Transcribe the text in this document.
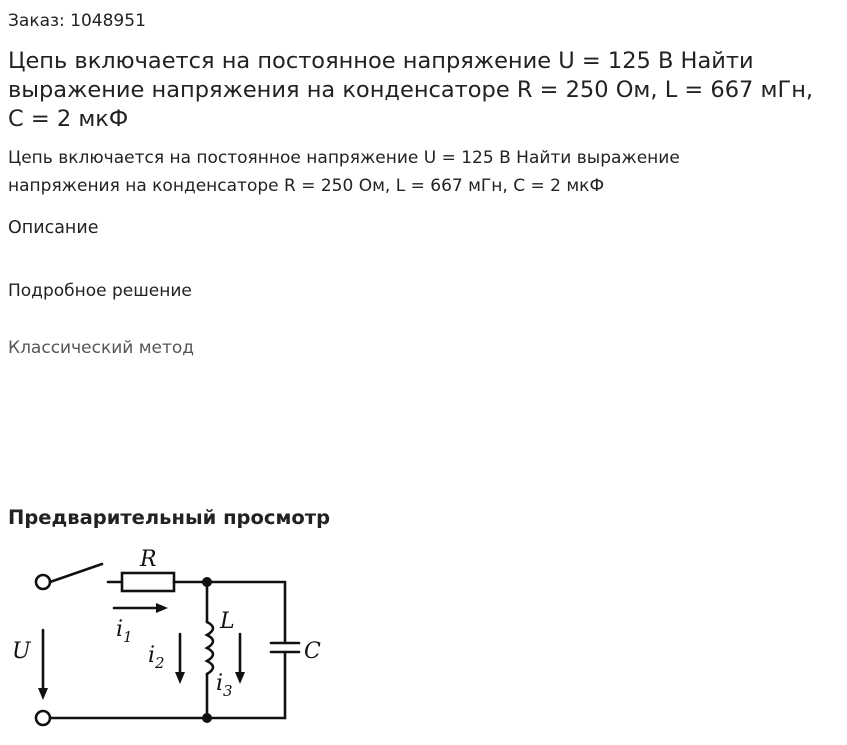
Заказ: 1048951
Цепь включается на постоянное напряжение U = 125 В Найти выражение напряжения на конденсаторе R = 250 Ом, L = 667 мГн, C = 2 мкФ
Цепь включается на постоянное напряжение U = 125 В Найти выражение
напряжения на конденсаторе R = 250 Ом, L = 667 мГн, C = 2 мкФ
Описание
Подробное решение
Классический метод
Предварительный просмотр
R
U
L
C
$i_1$
$i_2$
$i_3$
